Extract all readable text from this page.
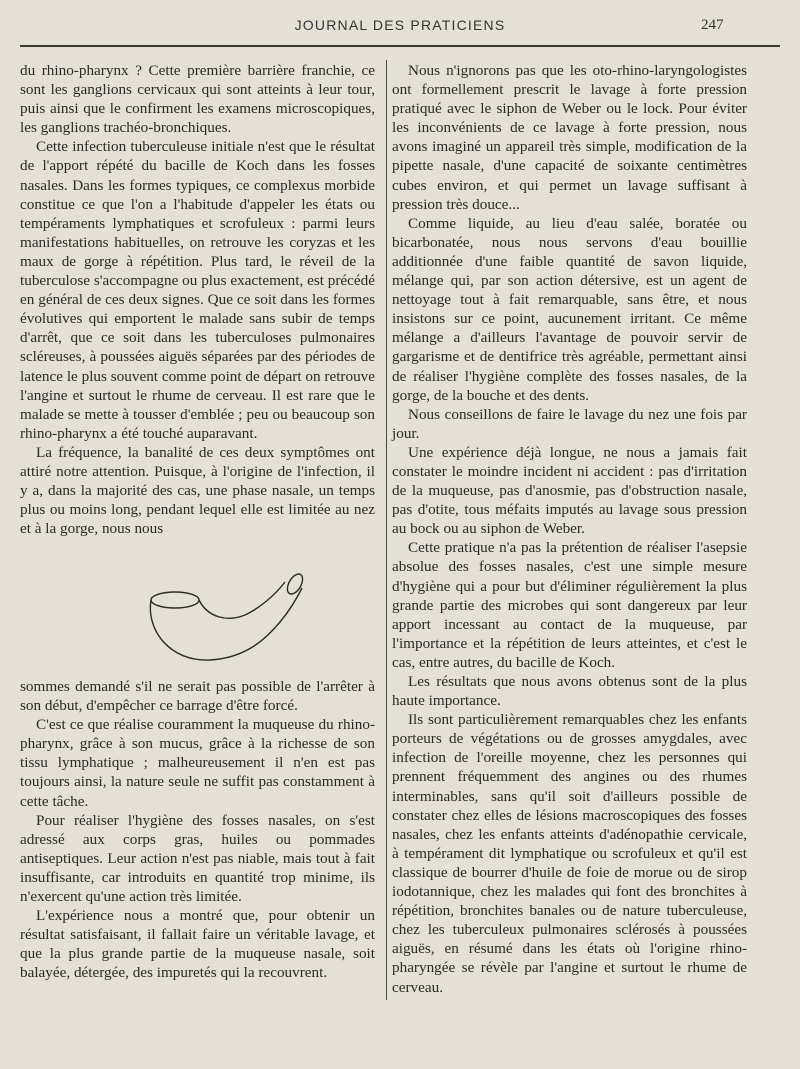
JOURNAL DES PRATICIENS	247

du rhino-pharynx ? Cette première barrière franchie, ce sont les ganglions cervicaux qui sont atteints à leur tour, puis ainsi que le confirment les examens microscopiques, les ganglions trachéo-bronchiques.

Cette infection tuberculeuse initiale n'est que le résultat de l'apport répété du bacille de Koch dans les fosses nasales. Dans les formes typiques, ce complexus morbide constitue ce que l'on a l'habitude d'appeler les états ou tempéraments lymphatiques et scrofuleux : parmi leurs manifestations habituelles, on retrouve les coryzas et les maux de gorge à répétition. Plus tard, le réveil de la tuberculose s'accompagne ou plus exactement, est précédé en général de ces deux signes. Que ce soit dans les formes évolutives qui emportent le malade sans subir de temps d'arrêt, que ce soit dans les tuberculoses pulmonaires scléreuses, à poussées aiguës séparées par des périodes de latence le plus souvent comme point de départ on retrouve l'angine et surtout le rhume de cerveau. Il est rare que le malade se mette à tousser d'emblée ; peu ou beaucoup son rhino-pharynx a été touché auparavant.

La fréquence, la banalité de ces deux symptômes ont attiré notre attention. Puisque, à l'origine de l'infection, il y a, dans la majorité des cas, une phase nasale, un temps plus ou moins long, pendant lequel elle est limitée au nez et à la gorge, nous nous

sommes demandé s'il ne serait pas possible de l'arrêter à son début, d'empêcher ce barrage d'être forcé.

C'est ce que réalise couramment la muqueuse du rhino-pharynx, grâce à son mucus, grâce à la richesse de son tissu lymphatique ; malheureusement il n'en est pas toujours ainsi, la nature seule ne suffit pas constamment à cette tâche.

Pour réaliser l'hygiène des fosses nasales, on s'est adressé aux corps gras, huiles ou pommades antiseptiques. Leur action n'est pas niable, mais tout à fait insuffisante, car introduits en quantité trop minime, ils n'exercent qu'une action très limitée.

L'expérience nous a montré que, pour obtenir un résultat satisfaisant, il fallait faire un véritable lavage, et que la plus grande partie de la muqueuse nasale, soit balayée, détergée, des impuretés qui la recouvrent.

Nous n'ignorons pas que les oto-rhino-laryngologistes ont formellement prescrit le lavage à forte pression pratiqué avec le siphon de Weber ou le lock. Pour éviter les inconvénients de ce lavage à forte pression, nous avons imaginé un appareil très simple, modification de la pipette nasale, d'une capacité de soixante centimètres cubes environ, et qui permet un lavage suffisant à pression très douce...

Comme liquide, au lieu d'eau salée, boratée ou bicarbonatée, nous nous servons d'eau bouillie additionnée d'une faible quantité de savon liquide, mélange qui, par son action détersive, est un agent de nettoyage tout à fait remarquable, sans être, et nous insistons sur ce point, aucunement irritant. Ce même mélange a d'ailleurs l'avantage de pouvoir servir de gargarisme et de dentifrice très agréable, permettant ainsi de réaliser l'hygiène complète des fosses nasales, de la gorge, de la bouche et des dents.

Nous conseillons de faire le lavage du nez une fois par jour.

Une expérience déjà longue, ne nous a jamais fait constater le moindre incident ni accident : pas d'irritation de la muqueuse, pas d'anosmie, pas d'obstruction nasale, pas d'otite, tous méfaits imputés au lavage sous pression au bock ou au siphon de Weber.

Cette pratique n'a pas la prétention de réaliser l'asepsie absolue des fosses nasales, c'est une simple mesure d'hygiène qui a pour but d'éliminer régulièrement la plus grande partie des microbes qui sont dangereux par leur apport incessant au contact de la muqueuse, par l'importance et la répétition de leurs atteintes, et c'est le cas, entre autres, du bacille de Koch.

Les résultats que nous avons obtenus sont de la plus haute importance.

Ils sont particulièrement remarquables chez les enfants porteurs de végétations ou de grosses amygdales, avec infection de l'oreille moyenne, chez les personnes qui prennent fréquemment des angines ou des rhumes interminables, sans qu'il soit d'ailleurs possible de constater chez elles de lésions macroscopiques des fosses nasales, chez les enfants atteints d'adénopathie cervicale, à tempérament dit lymphatique ou scrofuleux et qu'il est classique de bourrer d'huile de foie de morue ou de sirop iodotannique, chez les malades qui font des bronchites à répétition, bronchites banales ou de nature tuberculeuse, chez les tuberculeux pulmonaires sclérosés à poussées aiguës, en résumé dans les états où l'origine rhino-pharyngée se révèle par l'angine et surtout le rhume de cerveau.
